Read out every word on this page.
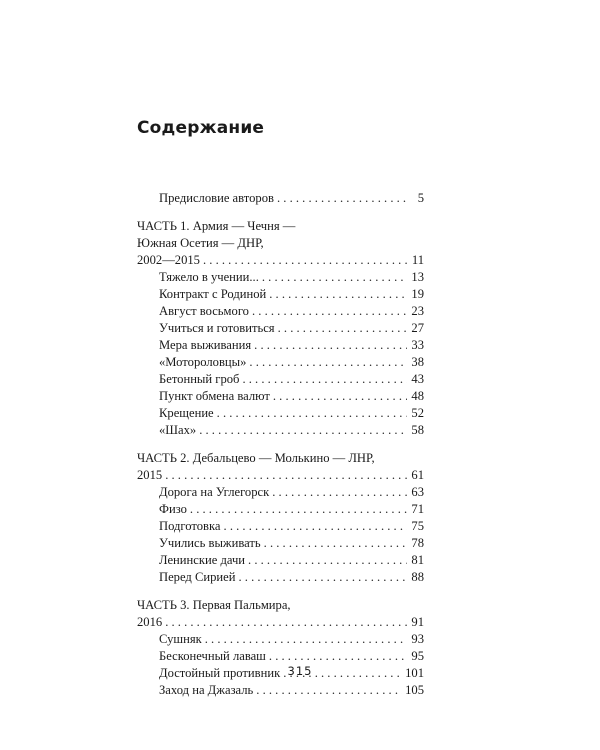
Содержание
Предисловие авторов . . .	5
ЧАСТЬ 1. Армия — Чечня —
Южная Осетия — ДНР,
2002—2015 . . .	11
Тяжело в учении... . . .	13
Контракт с Родиной . . .	19
Август восьмого . . .	23
Учиться и готовиться . . .	27
Мера выживания . . .	33
«Мотороловцы» . . .	38
Бетонный гроб . . .	43
Пункт обмена валют . . .	48
Крещение . . .	52
«Шах» . . .	58
ЧАСТЬ 2. Дебальцево — Молькино — ЛНР,
2015 . . .	61
Дорога на Углегорск . . .	63
Физо . . .	71
Подготовка . . .	75
Учились выживать . . .	78
Ленинские дачи . . .	81
Перед Сирией . . .	88
ЧАСТЬ 3. Первая Пальмира,
2016 . . .	91
Сушняк . . .	93
Бесконечный лаваш . . .	95
Достойный противник . . .	101
Заход на Джазаль . . .	105
315
